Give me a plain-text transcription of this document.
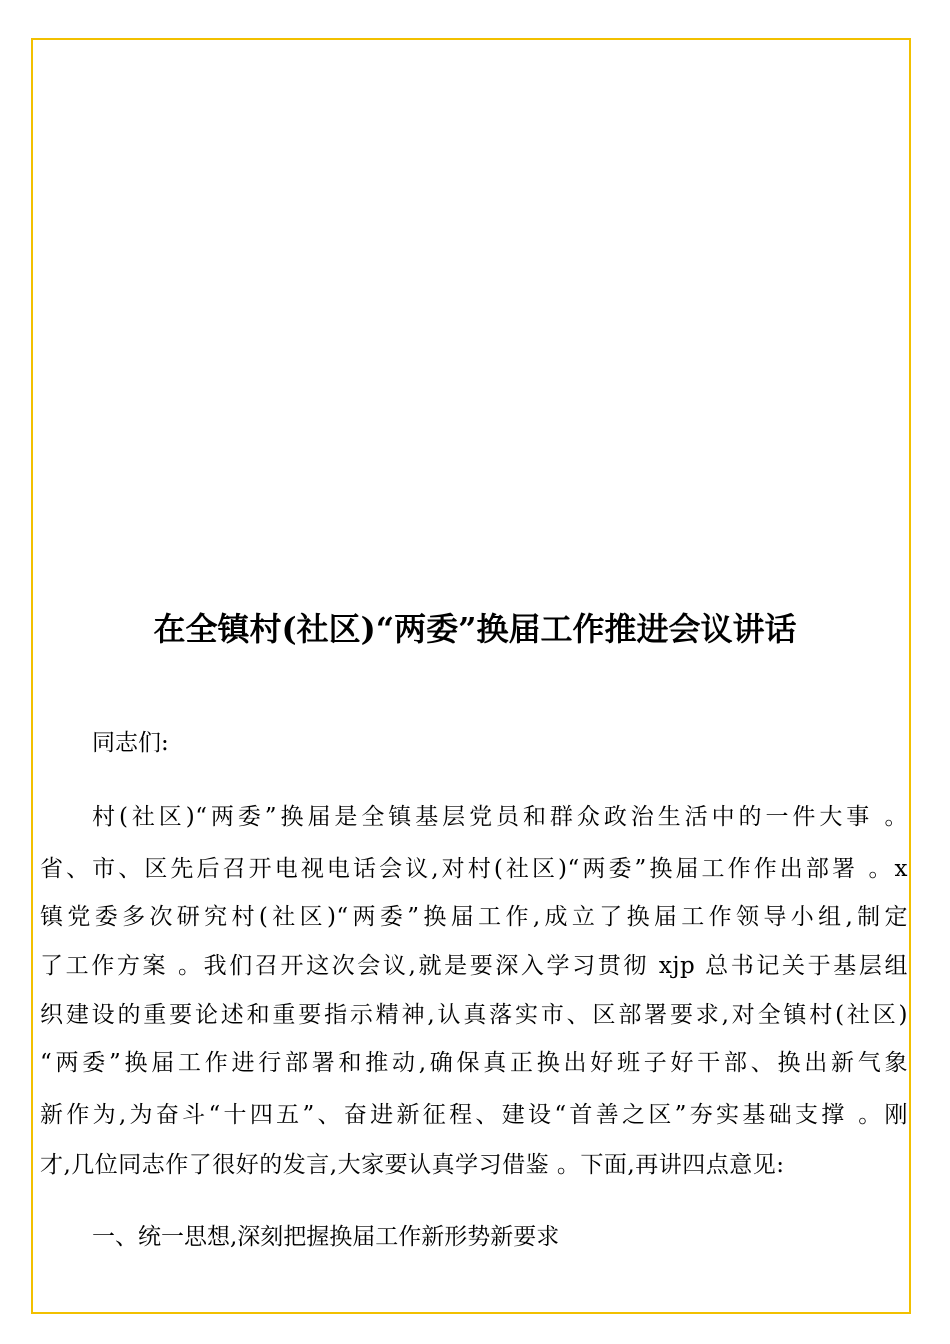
在全镇村(社区)“两委”换届工作推进会议讲话
同志们:
村(社区)“两委”换届是全镇基层党员和群众政治生活中的一件大事 。
省、市、区先后召开电视电话会议,对村(社区)“两委”换届工作作出部署 。x
镇党委多次研究村(社区)“两委”换届工作,成立了换届工作领导小组,制定
了工作方案 。我们召开这次会议,就是要深入学习贯彻 xjp 总书记关于基层组
织建设的重要论述和重要指示精神,认真落实市、区部署要求,对全镇村(社区)
“两委”换届工作进行部署和推动,确保真正换出好班子好干部、换出新气象
新作为,为奋斗“十四五”、奋进新征程、建设“首善之区”夯实基础支撑 。刚
才,几位同志作了很好的发言,大家要认真学习借鉴 。下面,再讲四点意见:
一、统一思想,深刻把握换届工作新形势新要求
